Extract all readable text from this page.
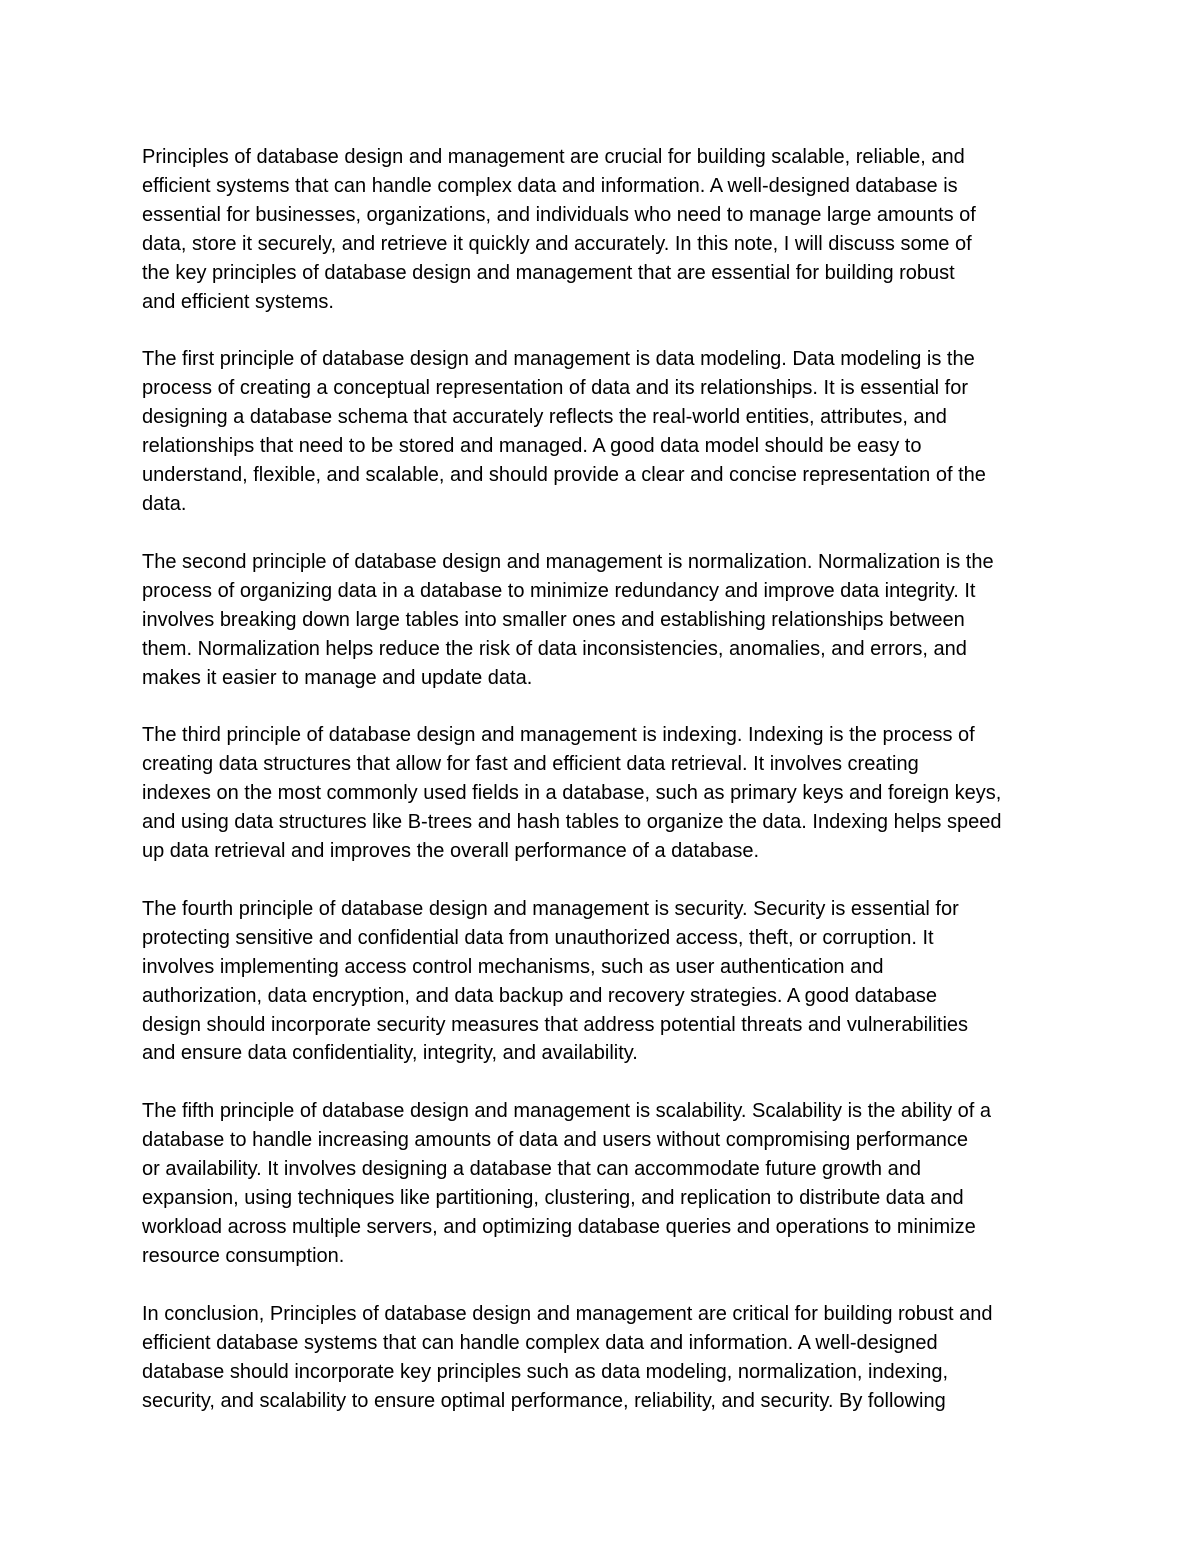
Principles of database design and management are crucial for building scalable, reliable, and
efficient systems that can handle complex data and information. A well-designed database is
essential for businesses, organizations, and individuals who need to manage large amounts of
data, store it securely, and retrieve it quickly and accurately. In this note, I will discuss some of
the key principles of database design and management that are essential for building robust
and efficient systems.

The first principle of database design and management is data modeling. Data modeling is the
process of creating a conceptual representation of data and its relationships. It is essential for
designing a database schema that accurately reflects the real-world entities, attributes, and
relationships that need to be stored and managed. A good data model should be easy to
understand, flexible, and scalable, and should provide a clear and concise representation of the
data.

The second principle of database design and management is normalization. Normalization is the
process of organizing data in a database to minimize redundancy and improve data integrity. It
involves breaking down large tables into smaller ones and establishing relationships between
them. Normalization helps reduce the risk of data inconsistencies, anomalies, and errors, and
makes it easier to manage and update data.

The third principle of database design and management is indexing. Indexing is the process of
creating data structures that allow for fast and efficient data retrieval. It involves creating
indexes on the most commonly used fields in a database, such as primary keys and foreign keys,
and using data structures like B-trees and hash tables to organize the data. Indexing helps speed
up data retrieval and improves the overall performance of a database.

The fourth principle of database design and management is security. Security is essential for
protecting sensitive and confidential data from unauthorized access, theft, or corruption. It
involves implementing access control mechanisms, such as user authentication and
authorization, data encryption, and data backup and recovery strategies. A good database
design should incorporate security measures that address potential threats and vulnerabilities
and ensure data confidentiality, integrity, and availability.

The fifth principle of database design and management is scalability. Scalability is the ability of a
database to handle increasing amounts of data and users without compromising performance
or availability. It involves designing a database that can accommodate future growth and
expansion, using techniques like partitioning, clustering, and replication to distribute data and
workload across multiple servers, and optimizing database queries and operations to minimize
resource consumption.

In conclusion, Principles of database design and management are critical for building robust and
efficient database systems that can handle complex data and information. A well-designed
database should incorporate key principles such as data modeling, normalization, indexing,
security, and scalability to ensure optimal performance, reliability, and security. By following
